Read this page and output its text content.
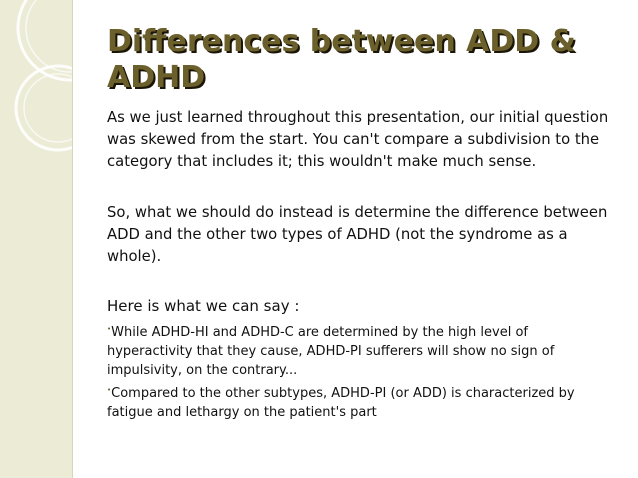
Differences between ADD & ADHD

As we just learned throughout this presentation, our initial question was skewed from the start. You can't compare a subdivision to the category that includes it; this wouldn't make much sense.

So, what we should do instead is determine the difference between ADD and the other two types of ADHD (not the syndrome as a whole).

Here is what we can say :

•While ADHD-HI and ADHD-C are determined by the high level of hyperactivity that they cause, ADHD-PI sufferers will show no sign of impulsivity, on the contrary...

•Compared to the other subtypes, ADHD-PI (or ADD) is characterized by fatigue and lethargy on the patient's part
